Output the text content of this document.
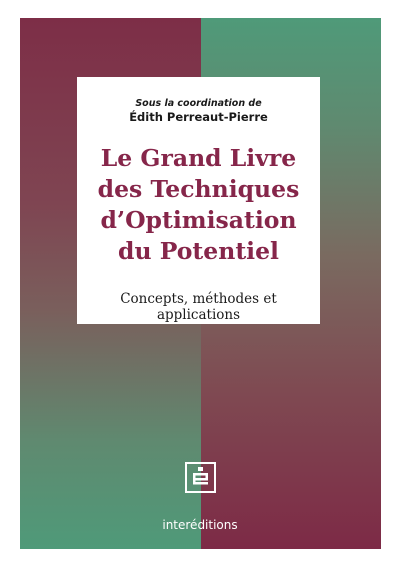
Sous la coordination de
Édith Perreaut-Pierre
Le Grand Livre
des Techniques
d’Optimisation
du Potentiel
Concepts, méthodes et applications
interéditions
